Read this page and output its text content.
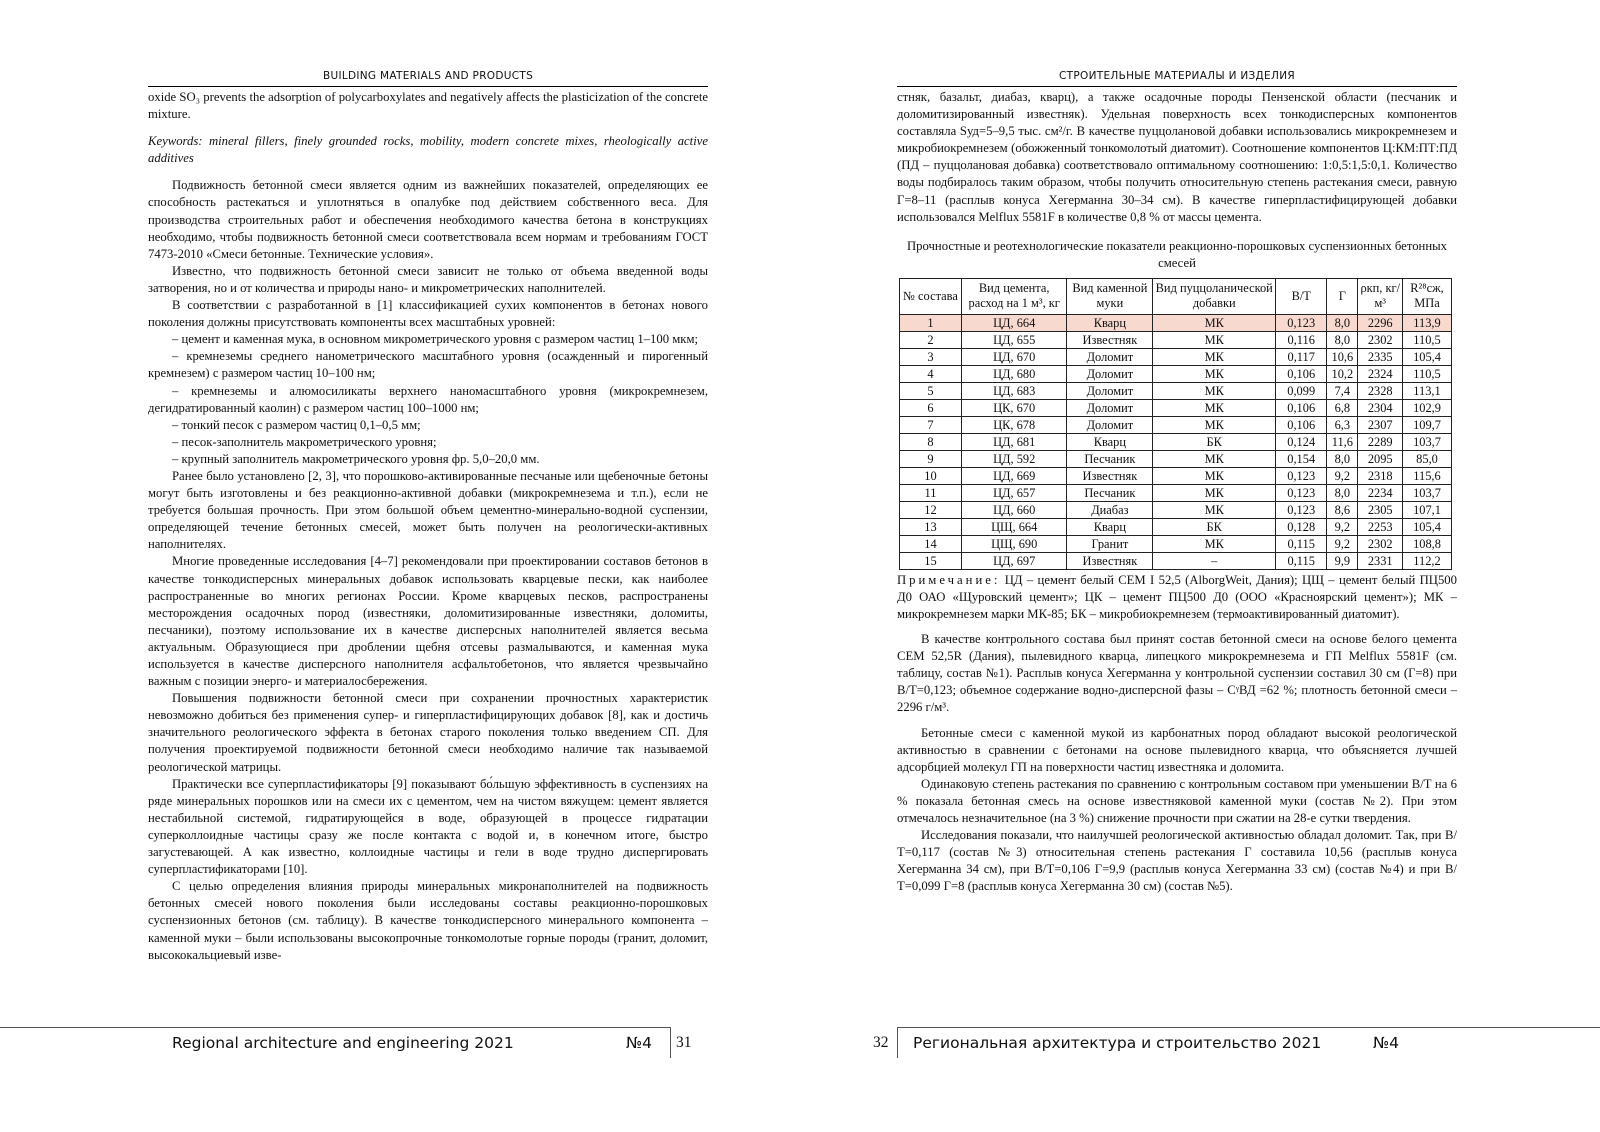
BUILDING MATERIALS AND PRODUCTS

oxide SO₃ prevents the adsorption of polycarboxylates and negatively affects the plasticization of the concrete mixture.

Keywords: mineral fillers, finely grounded rocks, mobility, modern concrete mixes, rheologically active additives

Подвижность бетонной смеси является одним из важнейших показателей, определяющих ее способность растекаться и уплотняться в опалубке под действием собственного веса. Для производства строительных работ и обеспечения необходимого качества бетона в конструкциях необходимо, чтобы подвижность бетонной смеси соответствовала всем нормам и требованиям ГОСТ 7473-2010 «Смеси бетонные. Технические условия».

Известно, что подвижность бетонной смеси зависит не только от объема введенной воды затворения, но и от количества и природы нано- и микрометрических наполнителей.

В соответствии с разработанной в [1] классификацией сухих компонентов в бетонах нового поколения должны присутствовать компоненты всех масштабных уровней:

– цемент и каменная мука, в основном микрометрического уровня с размером частиц 1–100 мкм;

– кремнеземы среднего нанометрического масштабного уровня (осажденный и пирогенный кремнезем) с размером частиц 10–100 нм;

– кремнеземы и алюмосиликаты верхнего наномасштабного уровня (микрокремнезем, дегидратированный каолин) с размером частиц 100–1000 нм;

– тонкий песок с размером частиц 0,1–0,5 мм;

– песок-заполнитель макрометрического уровня;

– крупный заполнитель макрометрического уровня фр. 5,0–20,0 мм.

Ранее было установлено [2, 3], что порошково-активированные песчаные или щебеночные бетоны могут быть изготовлены и без реакционно-активной добавки (микрокремнезема и т.п.), если не требуется большая прочность. При этом большой объем цементно-минерально-водной суспензии, определяющей течение бетонных смесей, может быть получен на реологически-активных наполнителях.

Многие проведенные исследования [4–7] рекомендовали при проектировании составов бетонов в качестве тонкодисперсных минеральных добавок использовать кварцевые пески, как наиболее распространенные во многих регионах России. Кроме кварцевых песков, распространены месторождения осадочных пород (известняки, доломитизированные известняки, доломиты, песчаники), поэтому использование их в качестве дисперсных наполнителей является весьма актуальным. Образующиеся при дроблении щебня отсевы размалываются, и каменная мука используется в качестве дисперсного наполнителя асфальтобетонов, что является чрезвычайно важным с позиции энерго- и материалосбережения.

Повышения подвижности бетонной смеси при сохранении прочностных характеристик невозможно добиться без применения супер- и гиперпластифицирующих добавок [8], как и достичь значительного реологического эффекта в бетонах старого поколения только введением СП. Для получения проектируемой подвижности бетонной смеси необходимо наличие так называемой реологической матрицы.

Практически все суперпластификаторы [9] показывают бо́льшую эффективность в суспензиях на ряде минеральных порошков или на смеси их с цементом, чем на чистом вяжущем: цемент является нестабильной системой, гидратирующейся в воде, образующей в процессе гидратации суперколлоидные частицы сразу же после контакта с водой и, в конечном итоге, быстро загустевающей. А как известно, коллоидные частицы и гели в воде трудно диспергировать суперпластификаторами [10].

С целью определения влияния природы минеральных микронаполнителей на подвижность бетонных смесей нового поколения были исследованы составы реакционно-порошковых суспензионных бетонов (см. таблицу). В качестве тонкодисперсного минерального компонента – каменной муки – были использованы высокопрочные тонкомолотые горные породы (гранит, доломит, высококальциевый изве-

СТРОИТЕЛЬНЫЕ МАТЕРИАЛЫ И ИЗДЕЛИЯ

стняк, базальт, диабаз, кварц), а также осадочные породы Пензенской области (песчаник и доломитизированный известняк). Удельная поверхность всех тонкодисперсных компонентов составляла Sуд=5–9,5 тыс. см²/г. В качестве пуццолановой добавки использовались микрокремнезем и микробиокремнезем (обожженный тонкомолотый диатомит). Соотношение компонентов Ц:КМ:ПТ:ПД (ПД – пуццолановая добавка) соответствовало оптимальному соотношению: 1:0,5:1,5:0,1. Количество воды подбиралось таким образом, чтобы получить относительную степень растекания смеси, равную Г=8–11 (расплыв конуса Хегерманна 30–34 см). В качестве гиперпластифицирующей добавки использовался Melflux 5581F в количестве 0,8 % от массы цемента.

Прочностные и реотехнологические показатели реакционно-порошковых суспензионных бетонных смесей

№ состава	Вид цемента, расход на 1 м³, кг	Вид каменной муки	Вид пуццоланической добавки	В/Т	Г	ρкп, кг/м³	R²⁸сж, МПа
1	ЦД, 664	Кварц	МК	0,123	8,0	2296	113,9
2	ЦД, 655	Известняк	МК	0,116	8,0	2302	110,5
3	ЦД, 670	Доломит	МК	0,117	10,6	2335	105,4
4	ЦД, 680	Доломит	МК	0,106	10,2	2324	110,5
5	ЦД, 683	Доломит	МК	0,099	7,4	2328	113,1
6	ЦК, 670	Доломит	МК	0,106	6,8	2304	102,9
7	ЦК, 678	Доломит	МК	0,106	6,3	2307	109,7
8	ЦД, 681	Кварц	БК	0,124	11,6	2289	103,7
9	ЦД, 592	Песчаник	МК	0,154	8,0	2095	85,0
10	ЦД, 669	Известняк	МК	0,123	9,2	2318	115,6
11	ЦД, 657	Песчаник	МК	0,123	8,0	2234	103,7
12	ЦД, 660	Диабаз	МК	0,123	8,6	2305	107,1
13	ЦЩ, 664	Кварц	БК	0,128	9,2	2253	105,4
14	ЦЩ, 690	Гранит	МК	0,115	9,2	2302	108,8
15	ЦД, 697	Известняк	–	0,115	9,9	2331	112,2

Примечание: ЦД – цемент белый CEM I 52,5 (AlborgWeit, Дания); ЦЩ – цемент белый ПЦ500 Д0 ОАО «Щуровский цемент»; ЦК – цемент ПЦ500 Д0 (ООО «Красноярский цемент»); МК – микрокремнезем марки МК-85; БК – микробиокремнезем (термоактивированный диатомит).

В качестве контрольного состава был принят состав бетонной смеси на основе белого цемента CEM 52,5R (Дания), пылевидного кварца, липецкого микрокремнезема и ГП Melflux 5581F (см. таблицу, состав №1). Расплыв конуса Хегерманна у контрольной суспензии составил 30 см (Г=8) при В/Т=0,123; объемное содержание водно-дисперсной фазы – CᵞВД =62 %; плотность бетонной смеси – 2296 г/м³.

Бетонные смеси с каменной мукой из карбонатных пород обладают высокой реологической активностью в сравнении с бетонами на основе пылевидного кварца, что объясняется лучшей адсорбцией молекул ГП на поверхности частиц известняка и доломита.

Одинаковую степень растекания по сравнению с контрольным составом при уменьшении В/Т на 6 % показала бетонная смесь на основе известняковой каменной муки (состав №2). При этом отмечалось незначительное (на 3 %) снижение прочности при сжатии на 28-е сутки твердения.

Исследования показали, что наилучшей реологической активностью обладал доломит. Так, при В/Т=0,117 (состав №3) относительная степень растекания Г составила 10,56 (расплыв конуса Хегерманна 34 см), при В/Т=0,106 Г=9,9 (расплыв конуса Хегерманна 33 см) (состав №4) и при В/Т=0,099 Г=8 (расплыв конуса Хегерманна 30 см) (состав №5).

Regional architecture and engineering 2021	№4 31	32 Региональная архитектура и строительство 2021	№4
